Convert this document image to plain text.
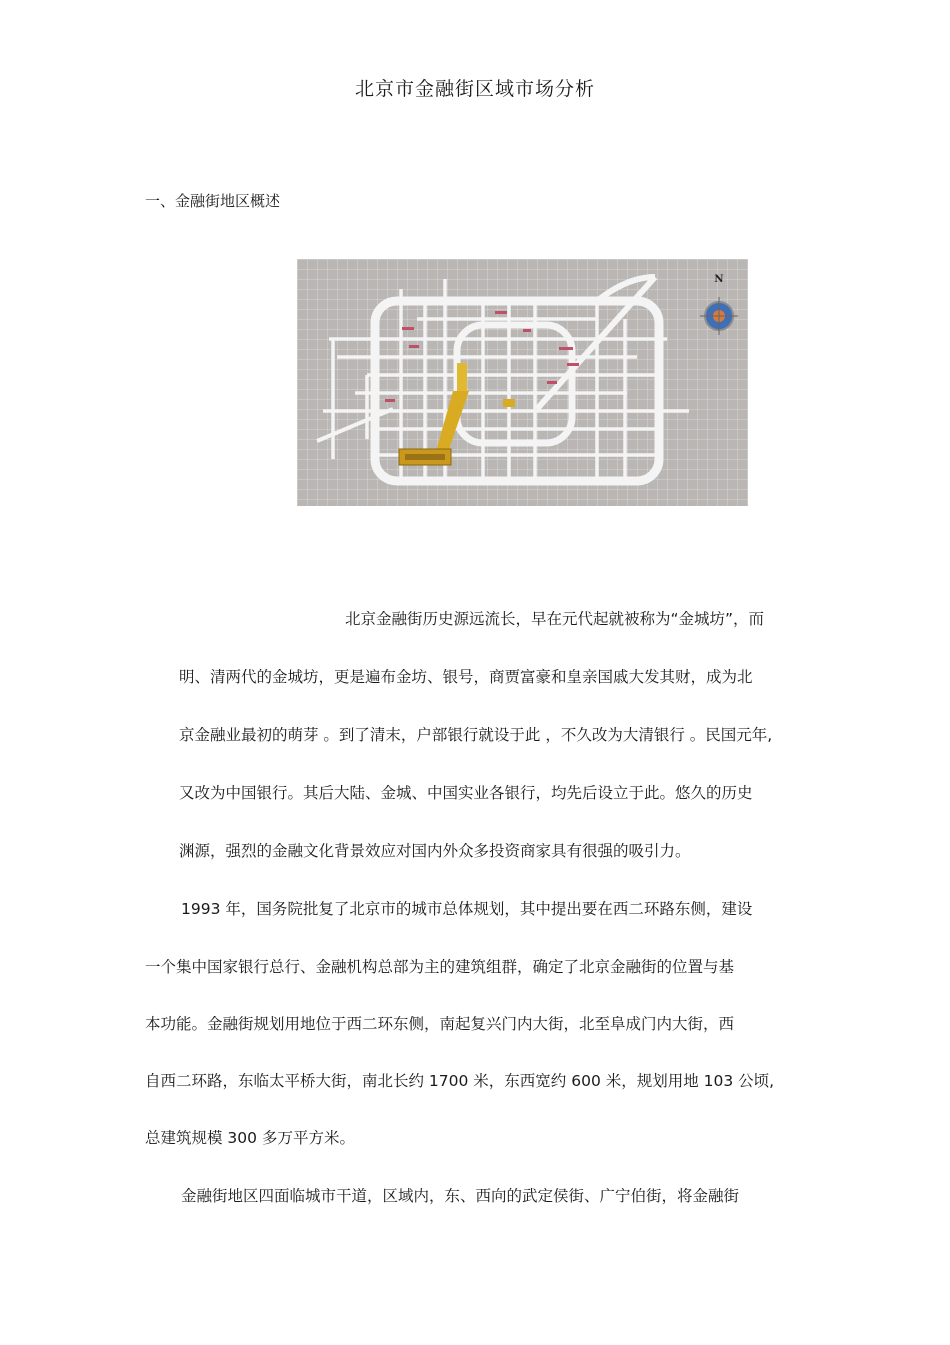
北京市金融街区域市场分析
一、金融街地区概述
N
北京金融街历史源远流长，早在元代起就被称为“金城坊”，而
明、清两代的金城坊，更是遍布金坊、银号，商贾富豪和皇亲国戚大发其财，成为北
京金融业最初的萌芽 。到了清末，户部银行就设于此 ，不久改为大清银行 。民国元年,
又改为中国银行。其后大陆、金城、中国实业各银行，均先后设立于此。悠久的历史
渊源，强烈的金融文化背景效应对国内外众多投资商家具有很强的吸引力。
1993 年，国务院批复了北京市的城市总体规划，其中提出要在西二环路东侧，建设
一个集中国家银行总行、金融机构总部为主的建筑组群，确定了北京金融街的位置与基
本功能。金融街规划用地位于西二环东侧，南起复兴门内大街，北至阜成门内大街，西
自西二环路，东临太平桥大街，南北长约 1700 米，东西宽约 600 米，规划用地 103 公顷,
总建筑规模 300 多万平方米。
金融街地区四面临城市干道，区域内，东、西向的武定侯街、广宁伯街，将金融街
